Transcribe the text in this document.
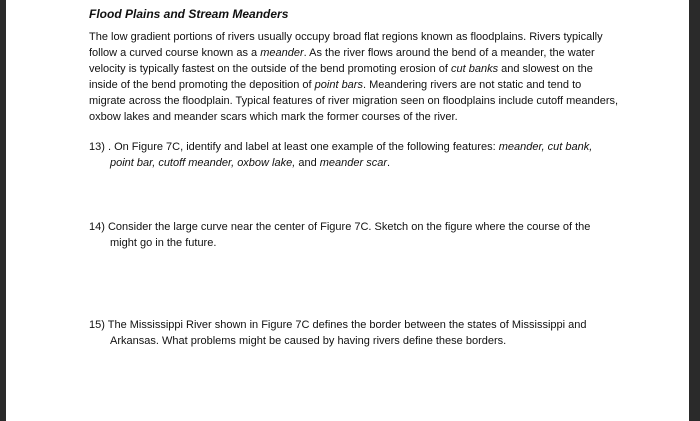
Flood Plains and Stream Meanders

The low gradient portions of rivers usually occupy broad flat regions known as floodplains. Rivers typically follow a curved course known as a meander. As the river flows around the bend of a meander, the water velocity is typically fastest on the outside of the bend promoting erosion of cut banks and slowest on the inside of the bend promoting the deposition of point bars. Meandering rivers are not static and tend to migrate across the floodplain. Typical features of river migration seen on floodplains include cutoff meanders, oxbow lakes and meander scars which mark the former courses of the river.

13) . On Figure 7C, identify and label at least one example of the following features: meander, cut bank,
point bar, cutoff meander, oxbow lake, and meander scar.

14) Consider the large curve near the center of Figure 7C. Sketch on the figure where the course of the
might go in the future.

15) The Mississippi River shown in Figure 7C defines the border between the states of Mississippi and
Arkansas. What problems might be caused by having rivers define these borders.
